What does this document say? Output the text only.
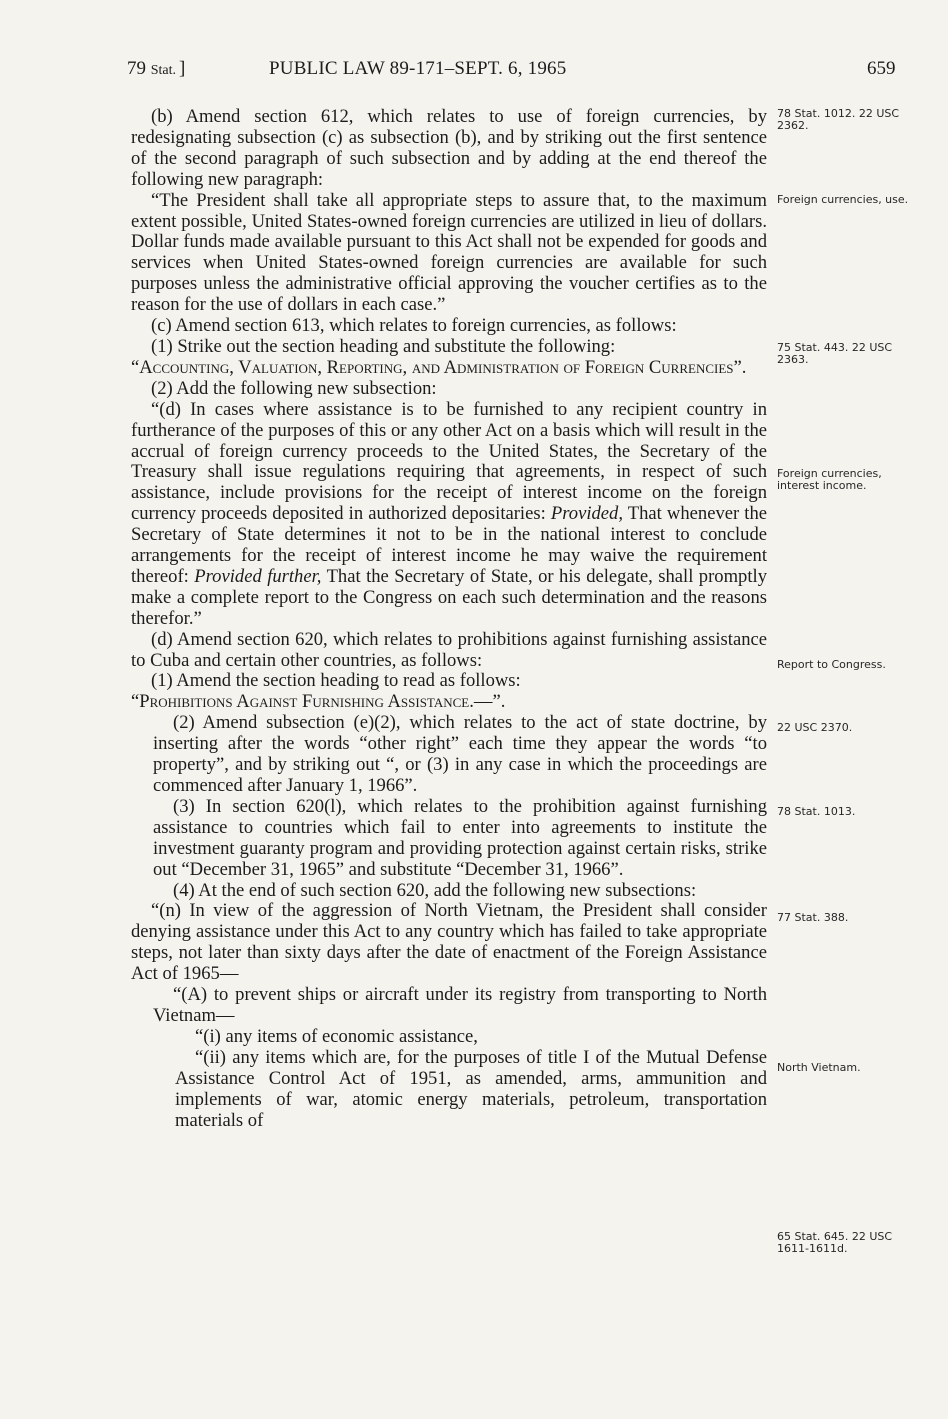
79 Stat. ]	PUBLIC LAW 89-171–SEPT. 6, 1965	659

(b) Amend section 612, which relates to use of foreign currencies, by redesignating subsection (c) as subsection (b), and by striking out the first sentence of the second paragraph of such subsection and by adding at the end thereof the following new paragraph:

“The President shall take all appropriate steps to assure that, to the maximum extent possible, United States-owned foreign currencies are utilized in lieu of dollars. Dollar funds made available pursuant to this Act shall not be expended for goods and services when United States-owned foreign currencies are available for such purposes unless the administrative official approving the voucher certifies as to the reason for the use of dollars in each case.”

(c) Amend section 613, which relates to foreign currencies, as follows:

(1) Strike out the section heading and substitute the following:

“Accounting, Valuation, Reporting, and Administration of Foreign Currencies”.

(2) Add the following new subsection:

“(d) In cases where assistance is to be furnished to any recipient country in furtherance of the purposes of this or any other Act on a basis which will result in the accrual of foreign currency proceeds to the United States, the Secretary of the Treasury shall issue regulations requiring that agreements, in respect of such assistance, include provisions for the receipt of interest income on the foreign currency proceeds deposited in authorized depositaries: Provided, That whenever the Secretary of State determines it not to be in the national interest to conclude arrangements for the receipt of interest income he may waive the requirement thereof: Provided further, That the Secretary of State, or his delegate, shall promptly make a complete report to the Congress on each such determination and the reasons therefor.”

(d) Amend section 620, which relates to prohibitions against furnishing assistance to Cuba and certain other countries, as follows:

(1) Amend the section heading to read as follows:

“Prohibitions Against Furnishing Assistance.—”.

(2) Amend subsection (e)(2), which relates to the act of state doctrine, by inserting after the words “other right” each time they appear the words “to property”, and by striking out “, or (3) in any case in which the proceedings are commenced after January 1, 1966”.

(3) In section 620(l), which relates to the prohibition against furnishing assistance to countries which fail to enter into agreements to institute the investment guaranty program and providing protection against certain risks, strike out “December 31, 1965” and substitute “December 31, 1966”.

(4) At the end of such section 620, add the following new subsections:

“(n) In view of the aggression of North Vietnam, the President shall consider denying assistance under this Act to any country which has failed to take appropriate steps, not later than sixty days after the date of enactment of the Foreign Assistance Act of 1965—

“(A) to prevent ships or aircraft under its registry from transporting to North Vietnam—

“(i) any items of economic assistance,

“(ii) any items which are, for the purposes of title I of the Mutual Defense Assistance Control Act of 1951, as amended, arms, ammunition and implements of war, atomic energy materials, petroleum, transportation materials of

78 Stat. 1012. 22 USC 2362.
Foreign currencies, use.
75 Stat. 443. 22 USC 2363.
Foreign currencies, interest income.
Report to Congress.
22 USC 2370.
78 Stat. 1013.
77 Stat. 388.
North Vietnam.
65 Stat. 645. 22 USC 1611-1611d.
